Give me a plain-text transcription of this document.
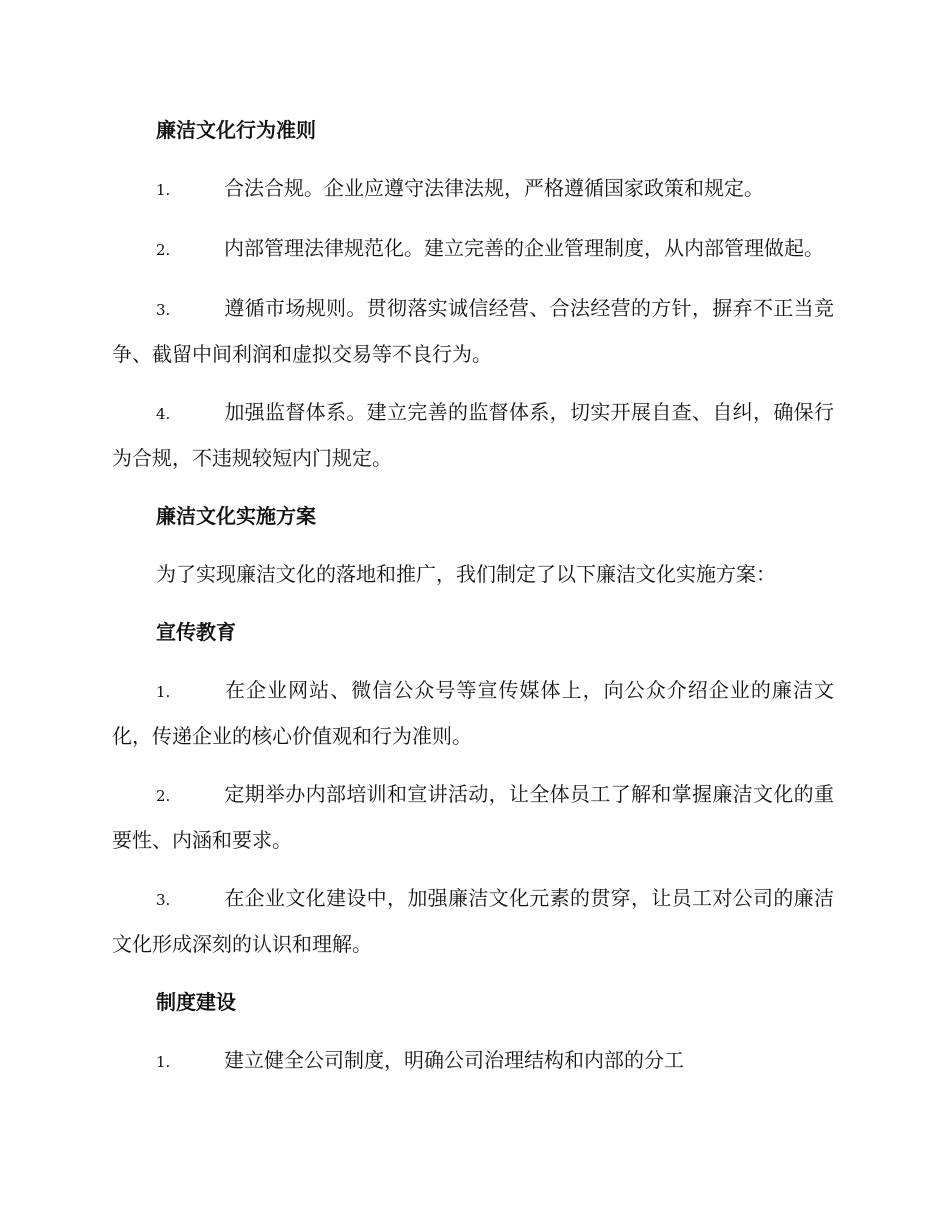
廉洁文化行为准则
1.	合法合规。企业应遵守法律法规，严格遵循国家政策和规定。
2.	内部管理法律规范化。建立完善的企业管理制度，从内部管理做起。
3.	遵循市场规则。贯彻落实诚信经营、合法经营的方针，摒弃不正当竞争、截留中间利润和虚拟交易等不良行为。
4.	加强监督体系。建立完善的监督体系，切实开展自查、自纠，确保行为合规，不违规较短内门规定。
廉洁文化实施方案
为了实现廉洁文化的落地和推广，我们制定了以下廉洁文化实施方案：
宣传教育
1.	在企业网站、微信公众号等宣传媒体上，向公众介绍企业的廉洁文化，传递企业的核心价值观和行为准则。
2.	定期举办内部培训和宣讲活动，让全体员工了解和掌握廉洁文化的重要性、内涵和要求。
3.	在企业文化建设中，加强廉洁文化元素的贯穿，让员工对公司的廉洁文化形成深刻的认识和理解。
制度建设
1.	建立健全公司制度，明确公司治理结构和内部的分工
